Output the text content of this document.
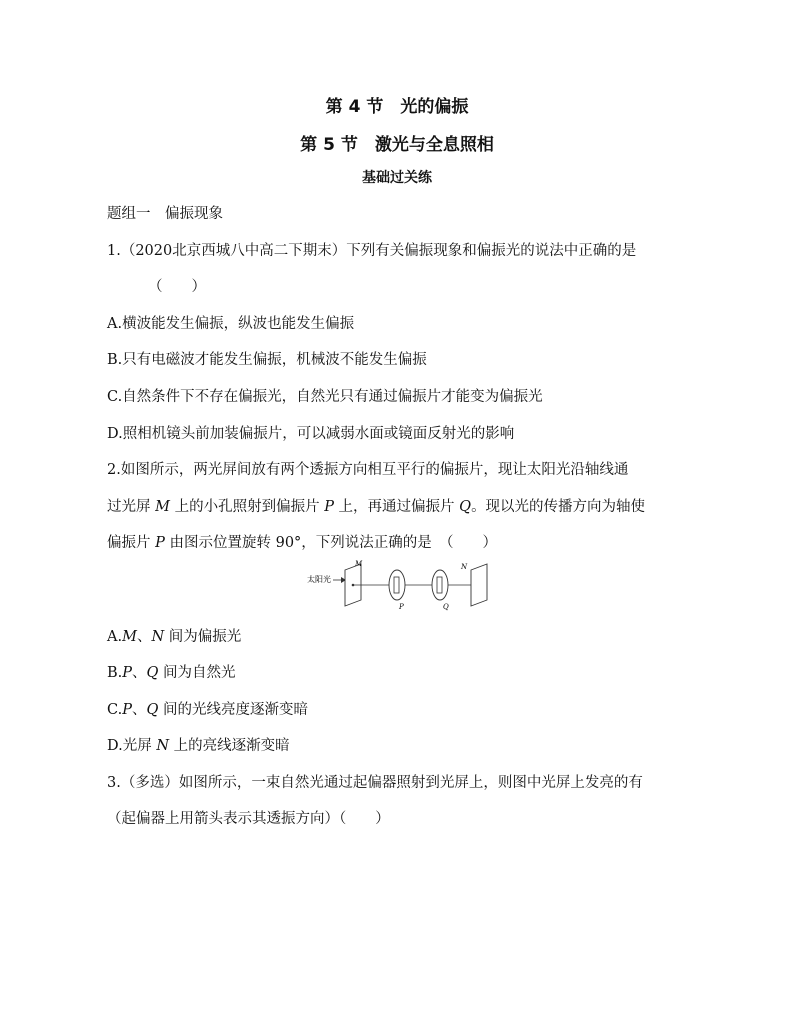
第 4 节　光的偏振
第 5 节　激光与全息照相
基础过关练
题组一　偏振现象
1.（2020北京西城八中高二下期末）下列有关偏振现象和偏振光的说法中正确的是
（　　）
A.横波能发生偏振，纵波也能发生偏振
B.只有电磁波才能发生偏振，机械波不能发生偏振
C.自然条件下不存在偏振光，自然光只有通过偏振片才能变为偏振光
D.照相机镜头前加装偏振片，可以减弱水面或镜面反射光的影响
2.如图所示，两光屏间放有两个透振方向相互平行的偏振片，现让太阳光沿轴线通
过光屏 M 上的小孔照射到偏振片 P 上，再通过偏振片 Q。现以光的传播方向为轴使
偏振片 P 由图示位置旋转 90°，下列说法正确的是　（　　）
太阳光
M
P	Q
N
A.M、N 间为偏振光
B.P、Q 间为自然光
C.P、Q 间的光线亮度逐渐变暗
D.光屏 N 上的亮线逐渐变暗
3.（多选）如图所示，一束自然光通过起偏器照射到光屏上，则图中光屏上发亮的有
（起偏器上用箭头表示其透振方向）（　　）
